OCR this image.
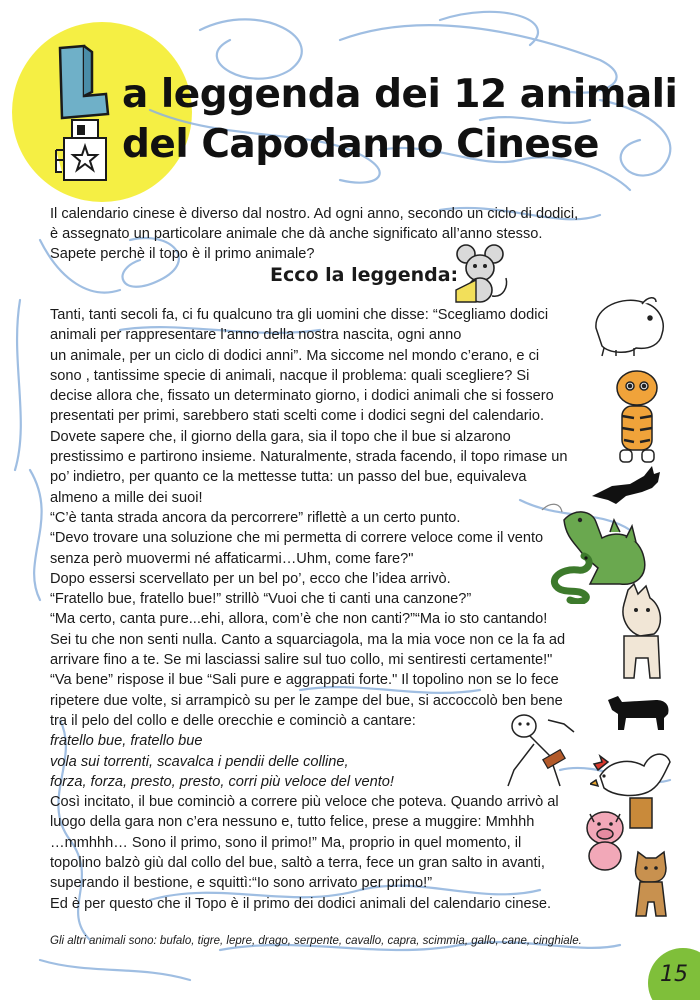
a leggenda dei 12 animali
del Capodanno Cinese
Il calendario cinese è diverso dal nostro. Ad ogni anno, secondo un ciclo di dodici,
è assegnato un particolare animale che dà anche significato all’anno stesso.
Sapete perchè il topo è il primo animale?
Ecco la leggenda:
Tanti, tanti secoli fa, ci fu qualcuno tra gli uomini che disse: “Scegliamo dodici
animali per rappresentare l’anno della nostra nascita, ogni anno
un animale, per un ciclo di dodici anni”. Ma siccome nel mondo c’erano, e ci
sono , tantissime specie di animali, nacque il problema: quali scegliere? Si
decise allora che, fissato un determinato giorno, i dodici animali che si fossero
presentati per primi, sarebbero stati scelti come i dodici segni del calendario.
Dovete sapere che, il giorno della gara, sia il topo che il bue si alzarono
prestissimo e partirono insieme. Naturalmente, strada facendo, il topo rimase un
po’ indietro, per quanto ce la mettesse tutta: un passo del bue, equivaleva
almeno a mille dei suoi!
“C’è tanta strada ancora da percorrere” riflettè a un certo punto.
“Devo trovare una soluzione che mi permetta di correre veloce come il vento
senza però muovermi né affaticarmi…Uhm, come fare?"
Dopo essersi scervellato per un bel po’, ecco che l’idea arrivò.
“Fratello bue, fratello bue!” strillò “Vuoi che ti canti una canzone?”
“Ma certo, canta pure...ehi, allora, com’è che non canti?”“Ma io sto cantando!
Sei tu che non senti nulla. Canto a squarciagola, ma la mia voce non ce la fa ad
arrivare fino a te. Se mi lasciassi salire sul tuo collo, mi sentiresti certamente!"
“Va bene” rispose il bue “Sali pure e aggrappati forte." Il topolino non se lo fece
ripetere due volte, si arrampicò su per le zampe del bue, si accoccolò ben bene
tra il pelo del collo e delle orecchie e cominciò a cantare:
fratello bue, fratello bue
vola sui torrenti, scavalca i pendii delle colline,
forza, forza, presto, presto, corri più veloce del vento!
Così incitato, il bue cominciò a correre più veloce che poteva. Quando arrivò al
luogo della gara non c’era nessuno e, tutto felice, prese a muggire: Mmhhh
…mmhhh… Sono il primo, sono il primo!” Ma, proprio in quel momento, il
topolino balzò giù dal collo del bue, saltò a terra, fece un gran salto in avanti,
superando il bestione, e squittì:“Io sono arrivato per primo!”
Ed è per questo che il Topo è il primo dei dodici animali del calendario cinese.
Gli altri animali sono: bufalo, tigre, lepre, drago, serpente, cavallo, capra, scimmia, gallo, cane, cinghiale.
15
